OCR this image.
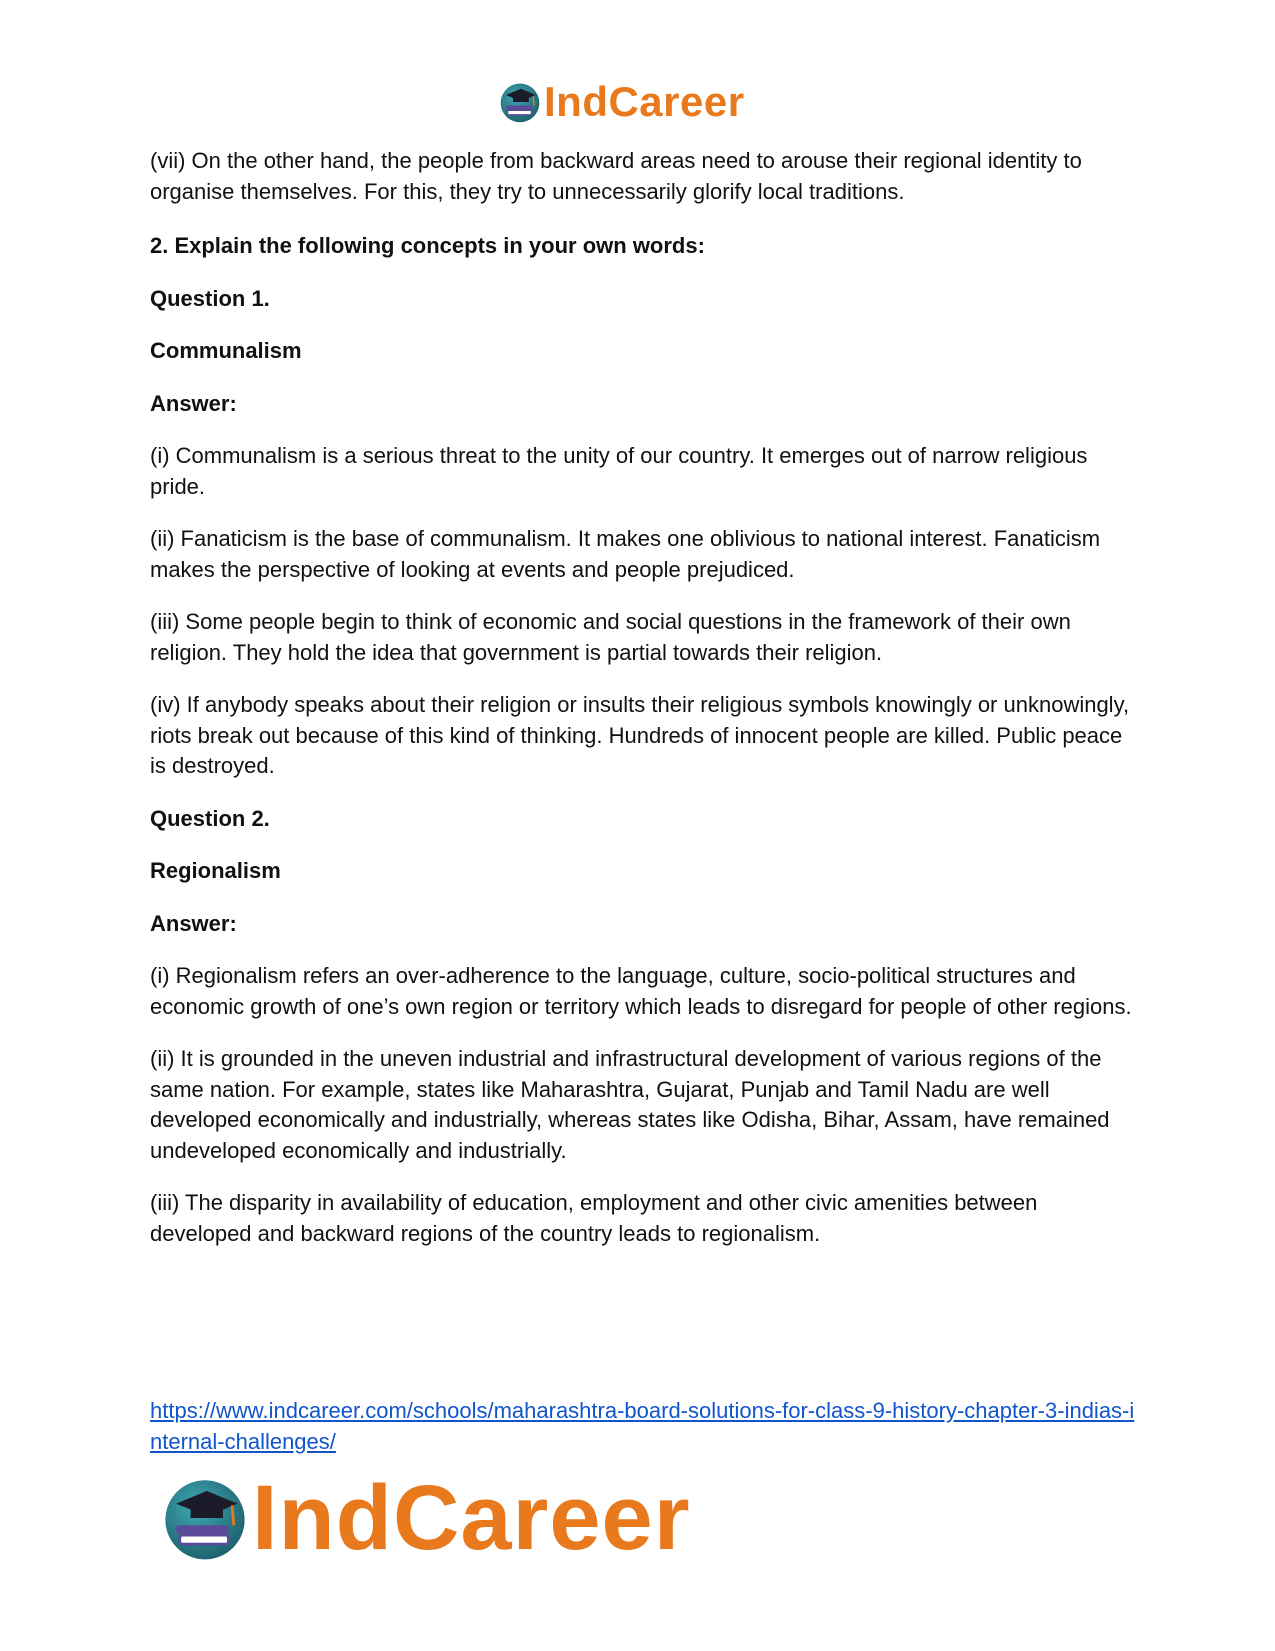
IndCareer

(vii) On the other hand, the people from backward areas need to arouse their regional identity to organise themselves. For this, they try to unnecessarily glorify local traditions.

2. Explain the following concepts in your own words:

Question 1.

Communalism

Answer:

(i) Communalism is a serious threat to the unity of our country. It emerges out of narrow religious pride.

(ii) Fanaticism is the base of communalism. It makes one oblivious to national interest. Fanaticism makes the perspective of looking at events and people prejudiced.

(iii) Some people begin to think of economic and social questions in the framework of their own religion. They hold the idea that government is partial towards their religion.

(iv) If anybody speaks about their religion or insults their religious symbols knowingly or unknowingly, riots break out because of this kind of thinking. Hundreds of innocent people are killed. Public peace is destroyed.

Question 2.

Regionalism

Answer:

(i) Regionalism refers an over-adherence to the language, culture, socio-political structures and economic growth of one’s own region or territory which leads to disregard for people of other regions.

(ii) It is grounded in the uneven industrial and infrastructural development of various regions of the same nation. For example, states like Maharashtra, Gujarat, Punjab and Tamil Nadu are well developed economically and industrially, whereas states like Odisha, Bihar, Assam, have remained undeveloped economically and industrially.

(iii) The disparity in availability of education, employment and other civic amenities between developed and backward regions of the country leads to regionalism.

https://www.indcareer.com/schools/maharashtra-board-solutions-for-class-9-history-chapter-3-indias-internal-challenges/
IndCareer
